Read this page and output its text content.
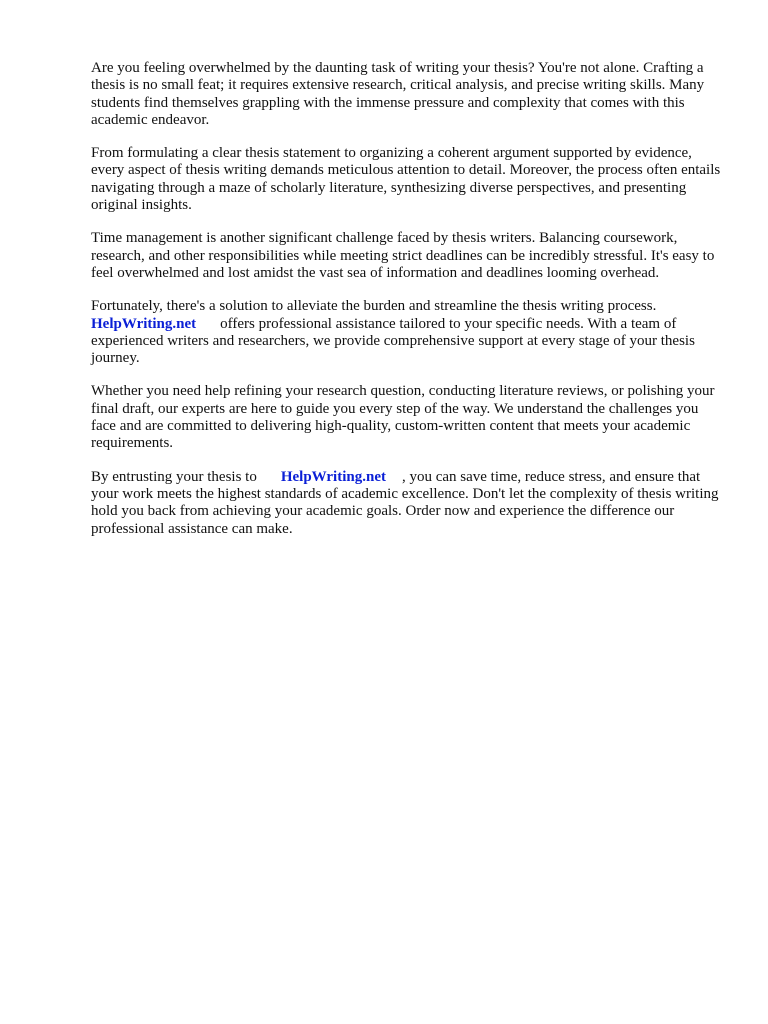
Are you feeling overwhelmed by the daunting task of writing your thesis? You're not alone. Crafting a thesis is no small feat; it requires extensive research, critical analysis, and precise writing skills. Many students find themselves grappling with the immense pressure and complexity that comes with this academic endeavor.

From formulating a clear thesis statement to organizing a coherent argument supported by evidence, every aspect of thesis writing demands meticulous attention to detail. Moreover, the process often entails navigating through a maze of scholarly literature, synthesizing diverse perspectives, and presenting original insights.

Time management is another significant challenge faced by thesis writers. Balancing coursework, research, and other responsibilities while meeting strict deadlines can be incredibly stressful. It's easy to feel overwhelmed and lost amidst the vast sea of information and deadlines looming overhead.

Fortunately, there's a solution to alleviate the burden and streamline the thesis writing process.
HelpWriting.net offers professional assistance tailored to your specific needs. With a team of experienced writers and researchers, we provide comprehensive support at every stage of your thesis journey.

Whether you need help refining your research question, conducting literature reviews, or polishing your final draft, our experts are here to guide you every step of the way. We understand the challenges you face and are committed to delivering high-quality, custom-written content that meets your academic requirements.

By entrusting your thesis to HelpWriting.net , you can save time, reduce stress, and ensure that your work meets the highest standards of academic excellence. Don't let the complexity of thesis writing hold you back from achieving your academic goals. Order now and experience the difference our professional assistance can make.
